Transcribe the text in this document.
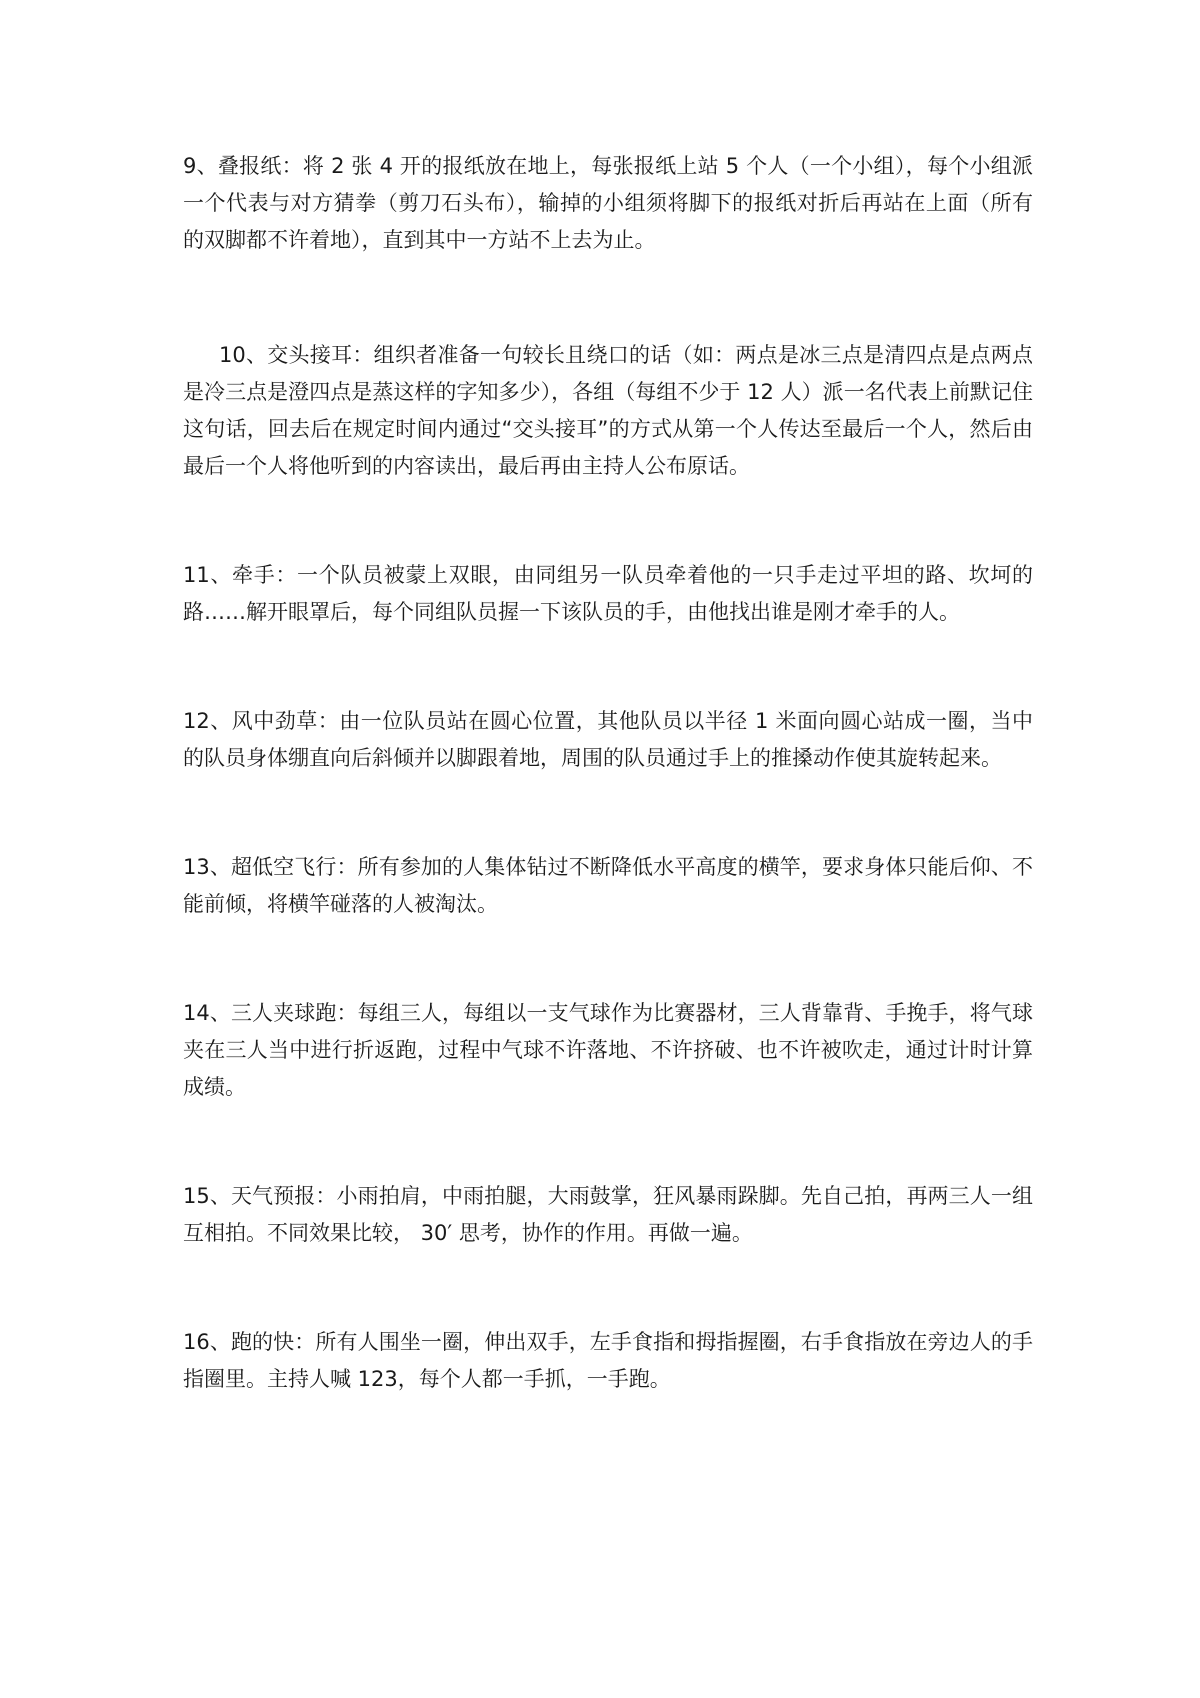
9、叠报纸：将 2 张 4 开的报纸放在地上，每张报纸上站 5 个人（一个小组），每个小组派一个代表与对方猜拳（剪刀石头布），输掉的小组须将脚下的报纸对折后再站在上面（所有的双脚都不许着地），直到其中一方站不上去为止。

10、交头接耳：组织者准备一句较长且绕口的话（如：两点是冰三点是清四点是点两点是冷三点是澄四点是蒸这样的字知多少），各组（每组不少于 12 人）派一名代表上前默记住这句话，回去后在规定时间内通过“交头接耳”的方式从第一个人传达至最后一个人，然后由最后一个人将他听到的内容读出，最后再由主持人公布原话。

11、牵手：一个队员被蒙上双眼，由同组另一队员牵着他的一只手走过平坦的路、坎坷的路……解开眼罩后，每个同组队员握一下该队员的手，由他找出谁是刚才牵手的人。

12、风中劲草：由一位队员站在圆心位置，其他队员以半径 1 米面向圆心站成一圈，当中的队员身体绷直向后斜倾并以脚跟着地，周围的队员通过手上的推搡动作使其旋转起来。

13、超低空飞行：所有参加的人集体钻过不断降低水平高度的横竿，要求身体只能后仰、不能前倾，将横竿碰落的人被淘汰。

14、三人夹球跑：每组三人，每组以一支气球作为比赛器材，三人背靠背、手挽手，将气球夹在三人当中进行折返跑，过程中气球不许落地、不许挤破、也不许被吹走，通过计时计算成绩。

15、天气预报：小雨拍肩，中雨拍腿，大雨鼓掌，狂风暴雨跺脚。先自己拍，再两三人一组互相拍。不同效果比较， 30′ 思考，协作的作用。再做一遍。

16、跑的快：所有人围坐一圈，伸出双手，左手食指和拇指握圈，右手食指放在旁边人的手指圈里。主持人喊 123，每个人都一手抓，一手跑。
